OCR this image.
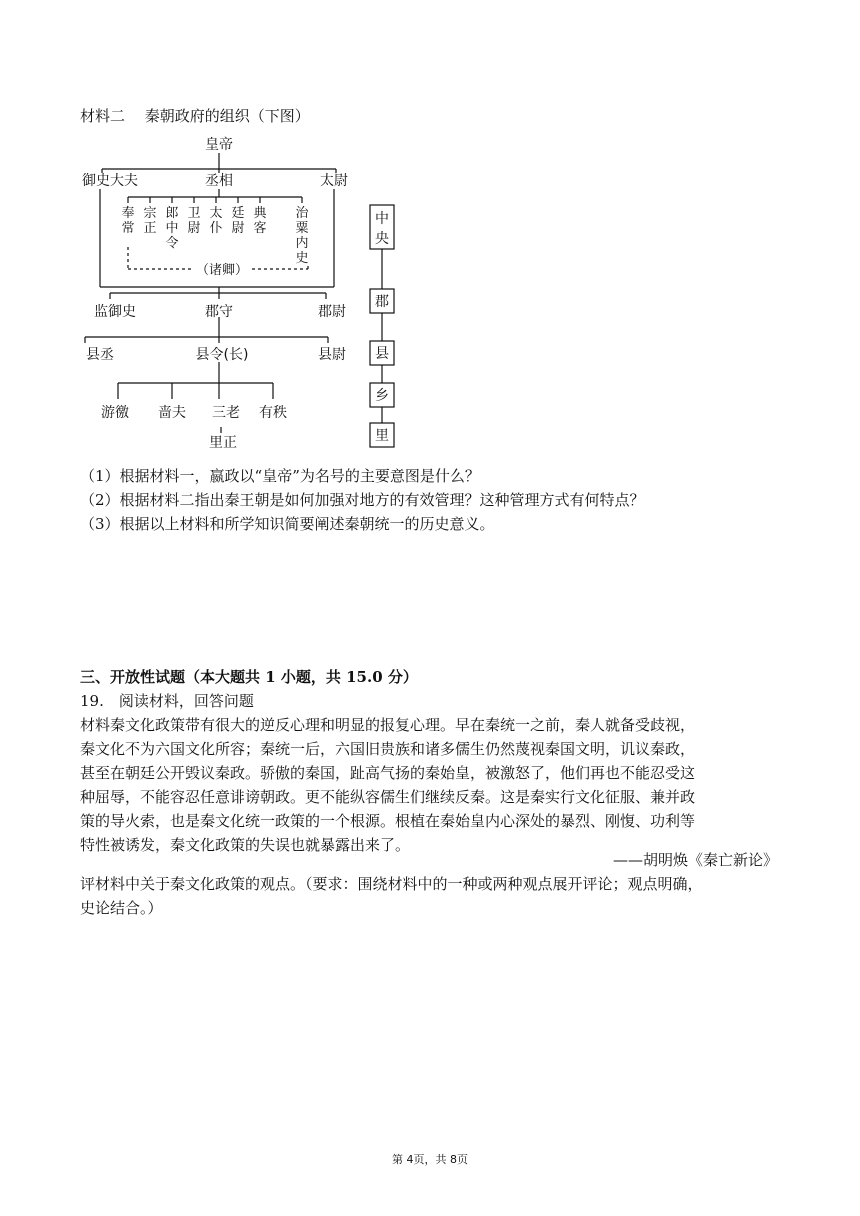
材料二　 秦朝政府的组织（下图）
皇帝
御史大夫	丞相	太尉
（诸卿）
监御史	郡守	郡尉
县丞	县令(长)	县尉
游徼 啬夫 三老 有秩
里正
奉常
宗正
郎中令
卫尉
太仆
廷尉
典客
治粟内史
中
央
郡
县
乡
里
（1）根据材料一，嬴政以“皇帝”为名号的主要意图是什么？
（2）根据材料二指出秦王朝是如何加强对地方的有效管理？这种管理方式有何特点？
（3）根据以上材料和所学知识简要阐述秦朝统一的历史意义。
三、开放性试题（本大题共 1 小题，共 15.0 分）
19.　阅读材料，回答问题
材料秦文化政策带有很大的逆反心理和明显的报复心理。早在秦统一之前，秦人就备受歧视，
秦文化不为六国文化所容；秦统一后，六国旧贵族和诸多儒生仍然蔑视秦国文明，讥议秦政，
甚至在朝廷公开毁议秦政。骄傲的秦国，趾高气扬的秦始皇，被激怒了，他们再也不能忍受这
种屈辱，不能容忍任意诽谤朝政。更不能纵容儒生们继续反秦。这是秦实行文化征服、兼并政
策的导火索，也是秦文化统一政策的一个根源。根植在秦始皇内心深处的暴烈、刚愎、功利等
特性被诱发，秦文化政策的失误也就暴露出来了。
——胡明焕《秦亡新论》
评材料中关于秦文化政策的观点。（要求：围绕材料中的一种或两种观点展开评论；观点明确，
史论结合。）
第 4页，共 8页
